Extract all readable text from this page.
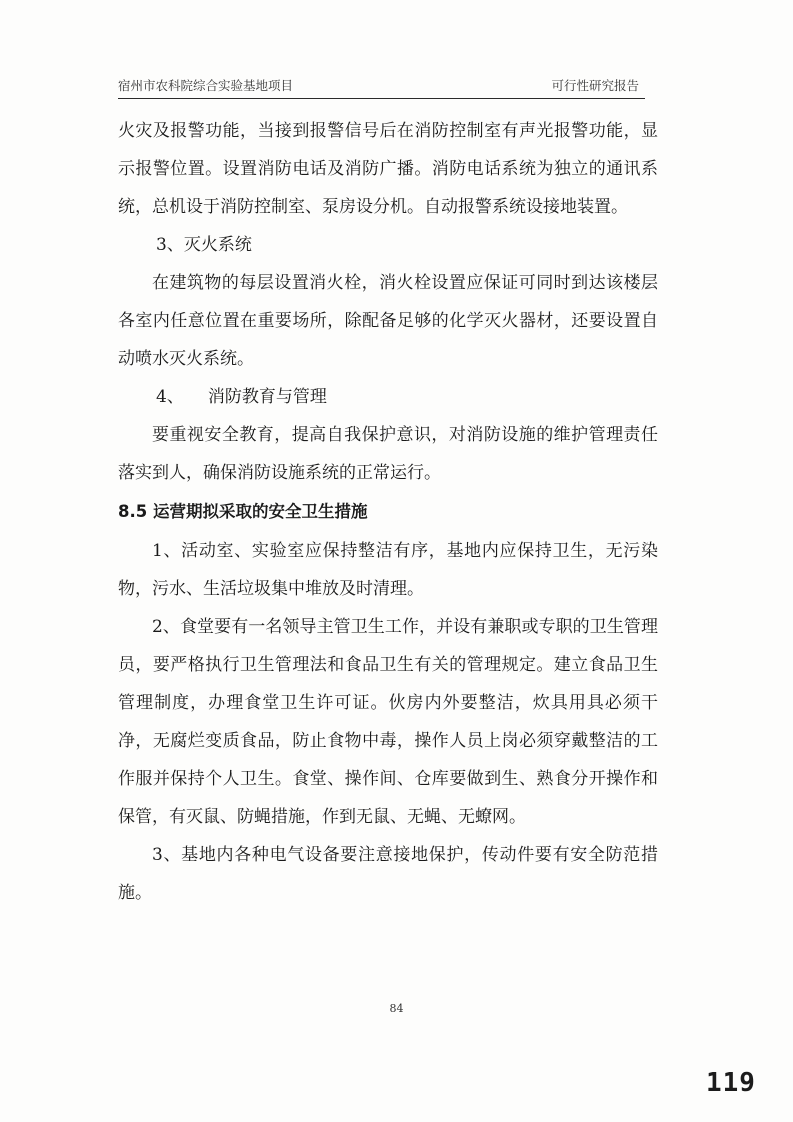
宿州市农科院综合实验基地项目	可行性研究报告

火灾及报警功能，当接到报警信号后在消防控制室有声光报警功能，显示报警位置。设置消防电话及消防广播。消防电话系统为独立的通讯系统，总机设于消防控制室、泵房设分机。自动报警系统设接地装置。

3、灭火系统

在建筑物的每层设置消火栓，消火栓设置应保证可同时到达该楼层各室内任意位置在重要场所，除配备足够的化学灭火器材，还要设置自动喷水灭火系统。

4、 消防教育与管理

要重视安全教育，提高自我保护意识，对消防设施的维护管理责任落实到人，确保消防设施系统的正常运行。

8.5 运营期拟采取的安全卫生措施

1、活动室、实验室应保持整洁有序，基地内应保持卫生，无污染物，污水、生活垃圾集中堆放及时清理。

2、食堂要有一名领导主管卫生工作，并设有兼职或专职的卫生管理员，要严格执行卫生管理法和食品卫生有关的管理规定。建立食品卫生管理制度，办理食堂卫生许可证。伙房内外要整洁，炊具用具必须干净，无腐烂变质食品，防止食物中毒，操作人员上岗必须穿戴整洁的工作服并保持个人卫生。食堂、操作间、仓库要做到生、熟食分开操作和保管，有灭鼠、防蝇措施，作到无鼠、无蝇、无蟟网。

3、基地内各种电气设备要注意接地保护，传动件要有安全防范措施。

84
119
